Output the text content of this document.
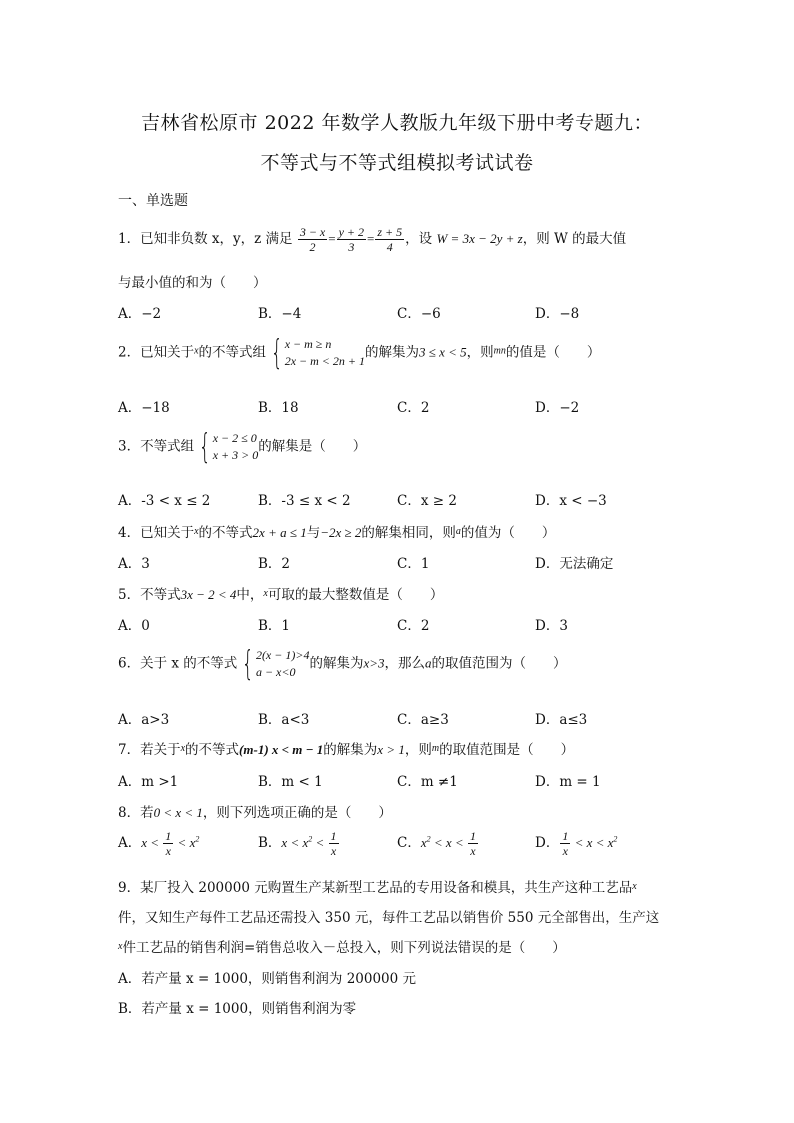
吉林省松原市 2022 年数学人教版九年级下册中考专题九：
不等式与不等式组模拟考试试卷
一、单选题
1．已知非负数 x，y，z 满足 $\frac{3 - x}{2} = \frac{y + 2}{3} = \frac{z + 5}{4}$ ，设 W = 3x − 2y + z，则 W 的最大值
与最小值的和为（　　）
A．−2	B．−4	C．−6	D．−8
2．已知关于$^x$的不等式组 { x − m ≥ n
2x − m < 2n + 1
的解集为3 ≤ x < 5，则$^{mn}$的值是（　　）
A．−18	B．18	C．2	D．−2
3．不等式组 { x − 2 ≤ 0
x + 3 > 0
的解集是（　　）
A．-3 < x ≤ 2	B．-3 ≤ x < 2	C．x ≥ 2	D．x < −3
4．已知关于$^x$的不等式2x + a ≤ 1与−2x ≥ 2的解集相同，则$^a$的值为（　　）
A．3	B．2	C．1	D．无法确定
5．不等式3x − 2 < 4中，$^x$可取的最大整数值是（　　）
A．0	B．1	C．2	D．3
6．关于 x 的不等式 { 2(x − 1)>4
a − x<0
的解集为x>3，那么a的取值范围为（　　）
A．a>3	B．a<3	C．a≥3	D．a≤3
7．若关于$^x$的不等式(m-1) x < m − 1的解集为x > 1，则$^m$的取值范围是（　　）
A．m >1	B．m < 1	C．m ≠1	D．m = 1
8．若0 < x < 1，则下列选项正确的是（　　）
A．$x < \frac{1}{x} < x^2$	B．$x < x^2 < \frac{1}{x}$	C．$x^2 < x < \frac{1}{x}$	D． $\frac{1}{x} < x < x^2$
9．某厂投入 200000 元购置生产某新型工艺品的专用设备和模具，共生产这种工艺品$^x$
件，又知生产每件工艺品还需投入 350 元，每件工艺品以销售价 550 元全部售出，生产这
$^x$件工艺品的销售利润=销售总收入－总投入，则下列说法错误的是（　　）
A．若产量 x = 1000，则销售利润为 200000 元
B．若产量 x = 1000，则销售利润为零
